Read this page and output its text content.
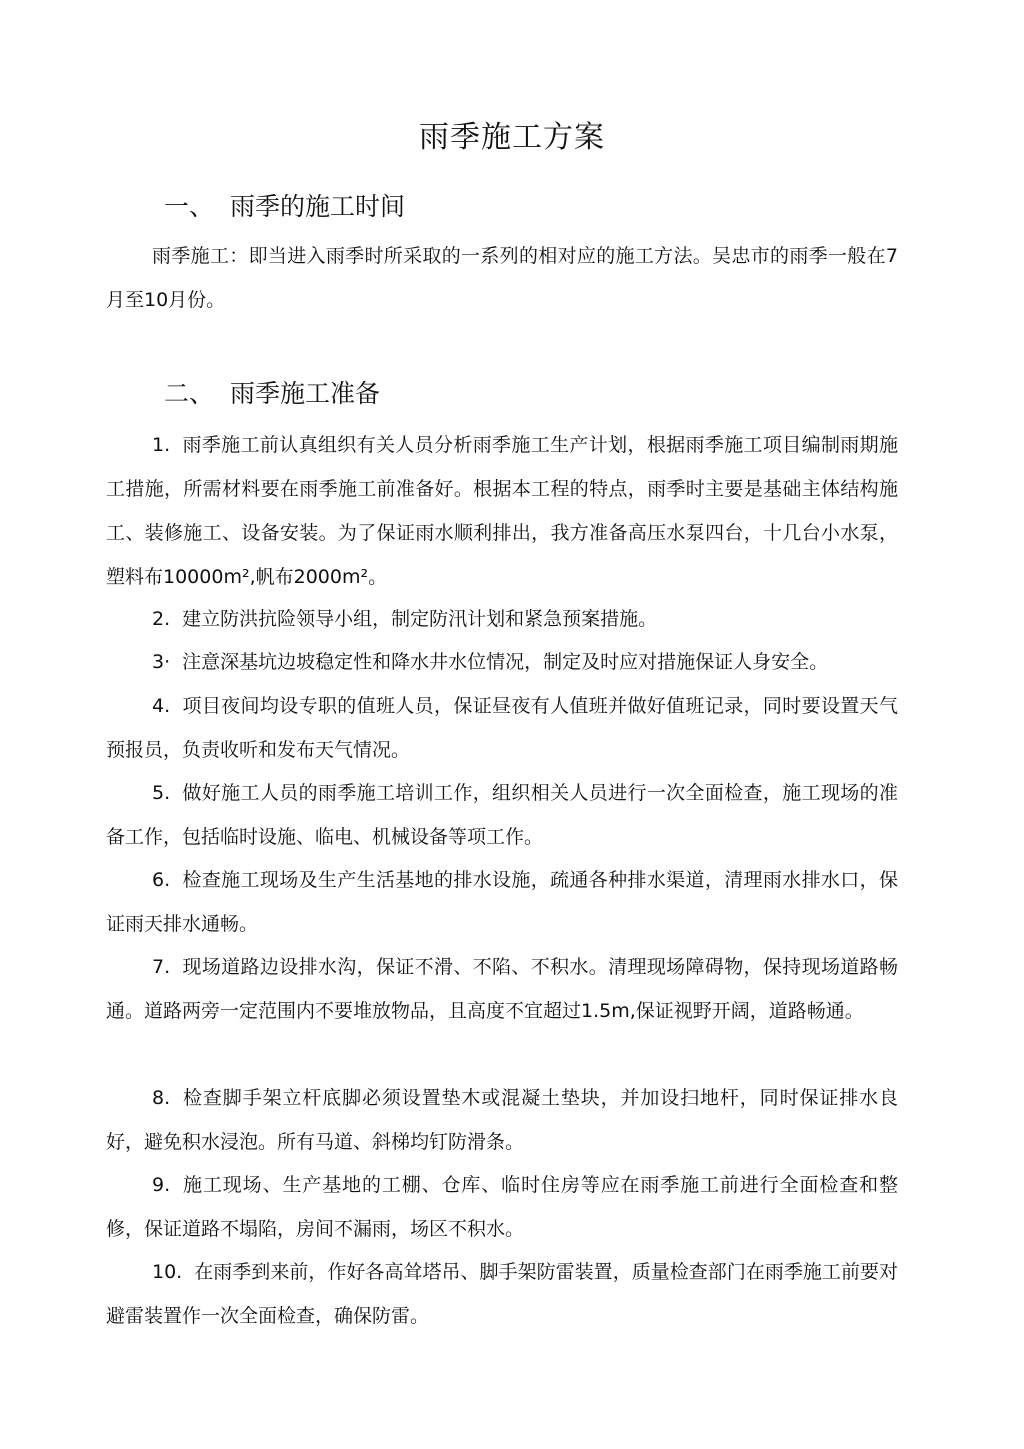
雨季施工方案
一、 雨季的施工时间
雨季施工：即当进入雨季时所采取的一系列的相对应的施工方法。吴忠市的雨季一般在7月至10月份。
二、 雨季施工准备
1. 雨季施工前认真组织有关人员分析雨季施工生产计划，根据雨季施工项目编制雨期施工措施，所需材料要在雨季施工前准备好。根据本工程的特点，雨季时主要是基础主体结构施工、装修施工、设备安装。为了保证雨水顺利排出，我方准备高压水泵四台，十几台小水泵，塑料布10000m²,帆布2000m²。
2. 建立防洪抗险领导小组，制定防汛计划和紧急预案措施。
3· 注意深基坑边坡稳定性和降水井水位情况，制定及时应对措施保证人身安全。
4. 项目夜间均设专职的值班人员，保证昼夜有人值班并做好值班记录，同时要设置天气预报员，负责收听和发布天气情况。
5. 做好施工人员的雨季施工培训工作，组织相关人员进行一次全面检查，施工现场的准备工作，包括临时设施、临电、机械设备等项工作。
6. 检查施工现场及生产生活基地的排水设施，疏通各种排水渠道，清理雨水排水口，保证雨天排水通畅。
7. 现场道路边设排水沟，保证不滑、不陷、不积水。清理现场障碍物，保持现场道路畅通。道路两旁一定范围内不要堆放物品，且高度不宜超过1.5m,保证视野开阔，道路畅通。
8. 检查脚手架立杆底脚必须设置垫木或混凝土垫块，并加设扫地杆，同时保证排水良好，避免积水浸泡。所有马道、斜梯均钉防滑条。
9. 施工现场、生产基地的工棚、仓库、临时住房等应在雨季施工前进行全面检查和整修，保证道路不塌陷，房间不漏雨，场区不积水。
10. 在雨季到来前，作好各高耸塔吊、脚手架防雷装置，质量检查部门在雨季施工前要对避雷装置作一次全面检查，确保防雷。
